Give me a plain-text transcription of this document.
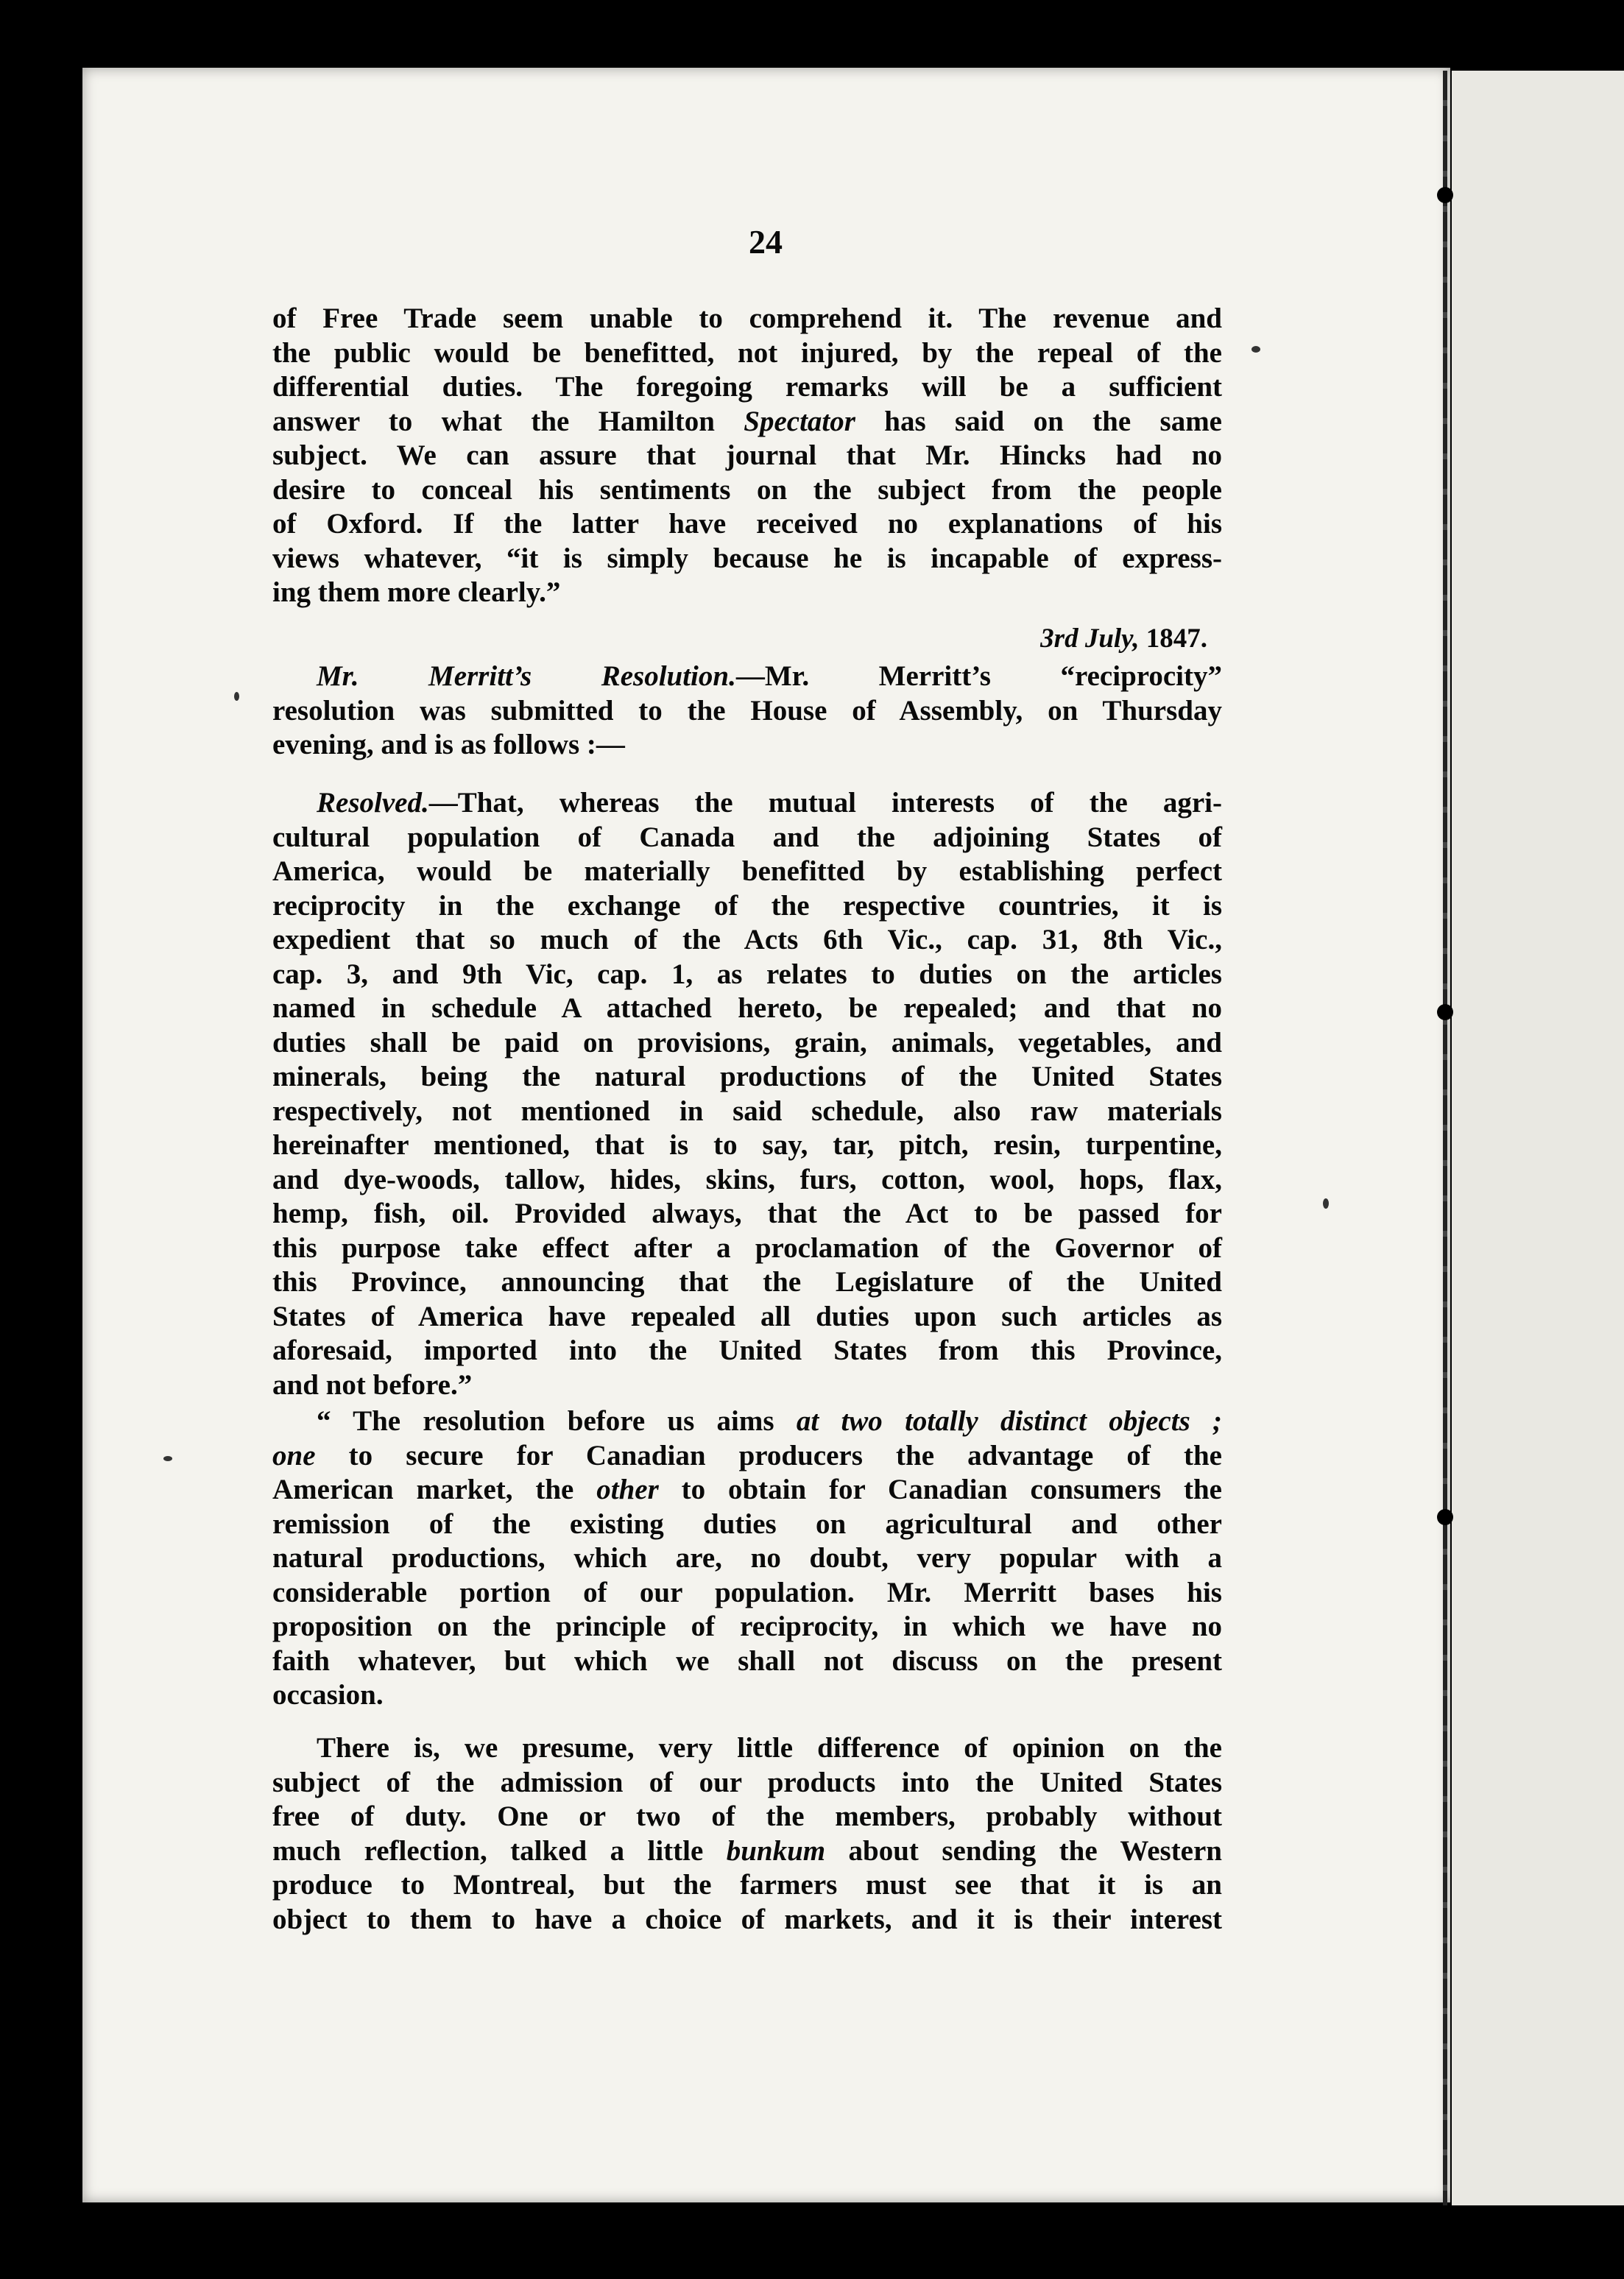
24
of Free Trade seem unable to comprehend it. The revenue and
the public would be benefitted, not injured, by the repeal of the
differential duties. The foregoing remarks will be a sufficient
answer to what the Hamilton Spectator has said on the same
subject. We can assure that journal that Mr. Hincks had no
desire to conceal his sentiments on the subject from the people
of Oxford. If the latter have received no explanations of his
views whatever, “it is simply because he is incapable of express-
ing them more clearly.”
3rd July, 1847.
Mr. Merritt’s Resolution.—Mr. Merritt’s “reciprocity”
resolution was submitted to the House of Assembly, on Thursday
evening, and is as follows :—
Resolved.—That, whereas the mutual interests of the agri-
cultural population of Canada and the adjoining States of
America, would be materially benefitted by establishing perfect
reciprocity in the exchange of the respective countries, it is
expedient that so much of the Acts 6th Vic., cap. 31, 8th Vic.,
cap. 3, and 9th Vic, cap. 1, as relates to duties on the articles
named in schedule A attached hereto, be repealed; and that no
duties shall be paid on provisions, grain, animals, vegetables, and
minerals, being the natural productions of the United States
respectively, not mentioned in said schedule, also raw materials
hereinafter mentioned, that is to say, tar, pitch, resin, turpentine,
and dye-woods, tallow, hides, skins, furs, cotton, wool, hops, flax,
hemp, fish, oil. Provided always, that the Act to be passed for
this purpose take effect after a proclamation of the Governor of
this Province, announcing that the Legislature of the United
States of America have repealed all duties upon such articles as
aforesaid, imported into the United States from this Province,
and not before.”
“ The resolution before us aims at two totally distinct objects ;
one to secure for Canadian producers the advantage of the
American market, the other to obtain for Canadian consumers the
remission of the existing duties on agricultural and other
natural productions, which are, no doubt, very popular with a
considerable portion of our population. Mr. Merritt bases his
proposition on the principle of reciprocity, in which we have no
faith whatever, but which we shall not discuss on the present
occasion.
There is, we presume, very little difference of opinion on the
subject of the admission of our products into the United States
free of duty. One or two of the members, probably without
much reflection, talked a little bunkum about sending the Western
produce to Montreal, but the farmers must see that it is an
object to them to have a choice of markets, and it is their interest
